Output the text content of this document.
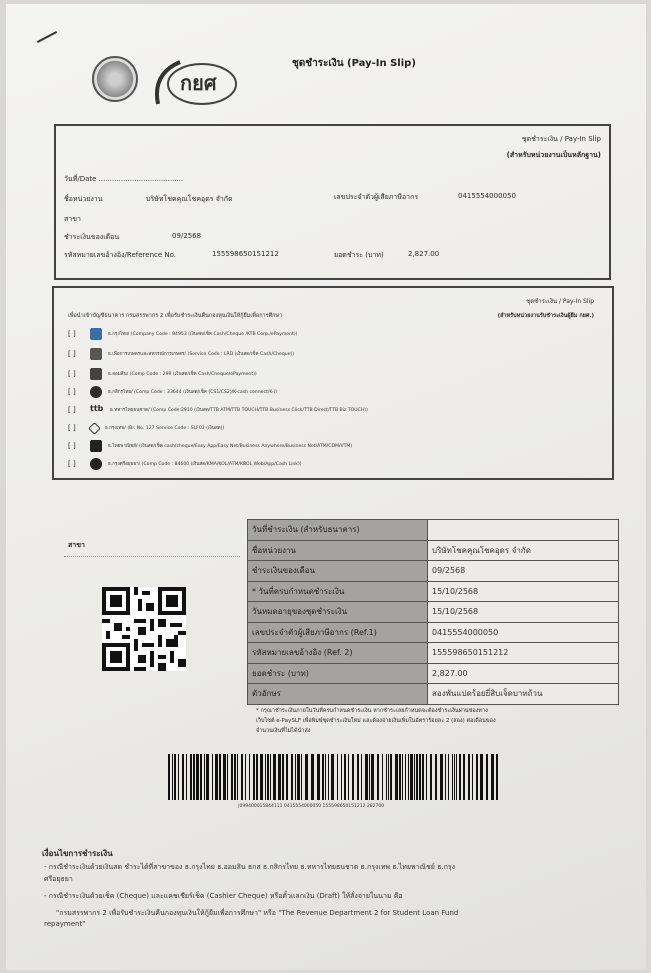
กยศ
ชุดชำระเงิน (Pay-In Slip)
ชุดชำระเงิน / Pay-In Slip
(สำหรับหน่วยงานเป็นหลักฐาน)
วันที่/Date ......................................
ชื่อหน่วยงาน	บริษัทโชคคุณโชคอุดร จำกัด	เลขประจำตัวผู้เสียภาษีอากร	0415554000050
สาขา
ชำระเงินของเดือน	09/2568
รหัสหมายเลขอ้างอิง/Reference No.	155598650151212	ยอดชำระ (บาท)	2,827.00
ชุดชำระเงิน / Pay-In Slip
(สำหรับหน่วยงานรับชำระเงินผู้ยืม กยศ.)
เพื่อนำเข้าบัญชีธนาคาร กรมสรรพากร 2 เพื่อรับชำระเงินคืนกองทุนเงินให้กู้ยืมเพื่อการศึกษา
[ ]	ธ.กรุงไทย/ (Company Code : 84953 (เงินสด/เช็ค Cash/Cheque /KTB Corp./ePayment))
[ ]	ธ.เพื่อการเกษตรและสหกรณ์การเกษตร/ (Service Code : LRD (เงินสด/เช็ค Cash/Cheque))
[ ]	ธ.ออมสิน/ (Comp Code : 299 (เงินสด/เช็ค Cash/Cheque/ePayment))
[ ]	ธ.กสิกรไทย/ (Comp Code : 33644 (เงินสด/เช็ค (CS1/CS2)/K-cash connect/K-))
[ ]	ttb ธ.ทหารไทยธนชาต/ (Comp Code:2910 (เงินสด/TTB ATM/TTB TOUCH/TTB Business Click/TTB Direct/TTB Biz TOUCH))
[ ]	ธ.กรุงเทพ/ (Br. No. 127 Service Code : SLF03 (เงินสด))
[ ]	ธ.ไทยพาณิชย์/ (เงินสด/เช็ค cash/cheque/Easy App/Easy Net/Business Anywhere/Business Net/ATM/CDM/VTM)
[ ]	ธ.กรุงศรีอยุธยา/ (Comp Code : 84600 (เงินสด/KMA/KOL/ATM/KBOL Web/App/Cash Link))
สาขา
วันที่ชำระเงิน (สำหรับธนาคาร)	
ชื่อหน่วยงาน	บริษัทโชคคุณโชคอุดร จำกัด
ชำระเงินของเดือน	09/2568
* วันที่ครบกำหนดชำระเงิน	15/10/2568
วันหมดอายุของชุดชำระเงิน	15/10/2568
เลขประจำตัวผู้เสียภาษีอากร (Ref.1)	0415554000050
รหัสหมายเลขอ้างอิง (Ref. 2)	155598650151212
ยอดชำระ (บาท)	2,827.00
ตัวอักษร	สองพันแปดร้อยยี่สิบเจ็ดบาทถ้วน
* กรุณาชำระเงินภายในวันที่ครบกำหนดชำระเงิน หากชำระเลยกำหนดจะต้องชำระเงินผ่านช่องทาง
เว็บไซต์ e-PaySLF เพื่อพิมพ์ชุดชำระเงินใหม่ และต้องจ่ายเงินเพิ่มในอัตราร้อยละ 2 (สอง) ต่อเดือนของ
จำนวนเงินที่ไม่ได้นำส่ง
|099400015844111 0415554000050 155598650151212 282700
เงื่อนไขการชำระเงิน
- กรณีชำระเงินด้วยเงินสด ชำระได้ที่สาขาของ ธ.กรุงไทย ธ.ออมสิน ธกส ธ.กสิกรไทย ธ.ทหารไทยธนชาต ธ.กรุงเทพ ธ.ไทยพาณิชย์ ธ.กรุง
ศรีอยุธยา
- กรณีชำระเงินด้วยเช็ค (Cheque) และแคชเชียร์เช็ค (Cashier Cheque) หรือตั๋วแลกเงิน (Draft) ให้สั่งจ่ายในนาม คือ
"กรมสรรพากร 2 เพื่อรับชำระเงินคืนกองทุนเงินให้กู้ยืมเพื่อการศึกษา" หรือ "The Revenue Department 2 for Student Loan Fund
repayment"
